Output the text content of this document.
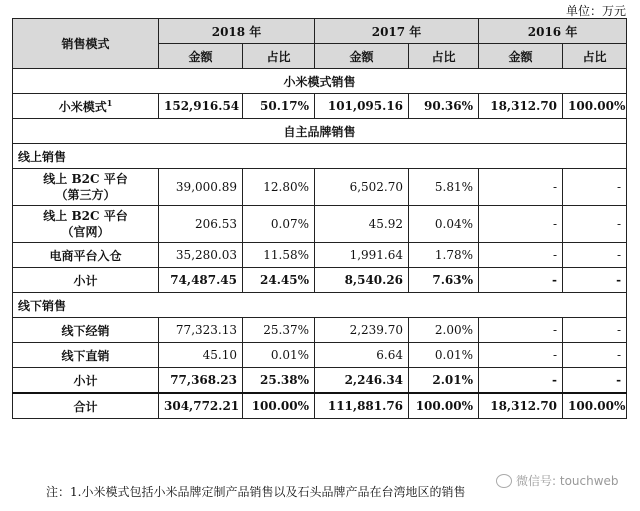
单位：万元
销售模式	2018 年		2017 年		2016 年	
	金额	占比	金额	占比	金额	占比
小米模式销售						
小米模式$^1$	152,916.54	50.17%	101,095.16	90.36%	18,312.70	100.00%
自主品牌销售						
线上销售						
线上 B2C 平台
（第三方）	39,000.89	12.80%	6,502.70	5.81%	-	-
线上 B2C 平台
（官网）	206.53	0.07%	45.92	0.04%	-	-
电商平台入仓	35,280.03	11.58%	1,991.64	1.78%	-	-
小计	74,487.45	24.45%	8,540.26	7.63%	-	-
线下销售						
线下经销	77,323.13	25.37%	2,239.70	2.00%	-	-
线下直销	45.10	0.01%	6.64	0.01%	-	-
小计	77,368.23	25.38%	2,246.34	2.01%	-	-
合计	304,772.21	100.00%	111,881.76	100.00%	18,312.70	100.00%
注：1.小米模式包括小米品牌定制产品销售以及石头品牌产品在台湾地区的销售
微信号: touchweb
